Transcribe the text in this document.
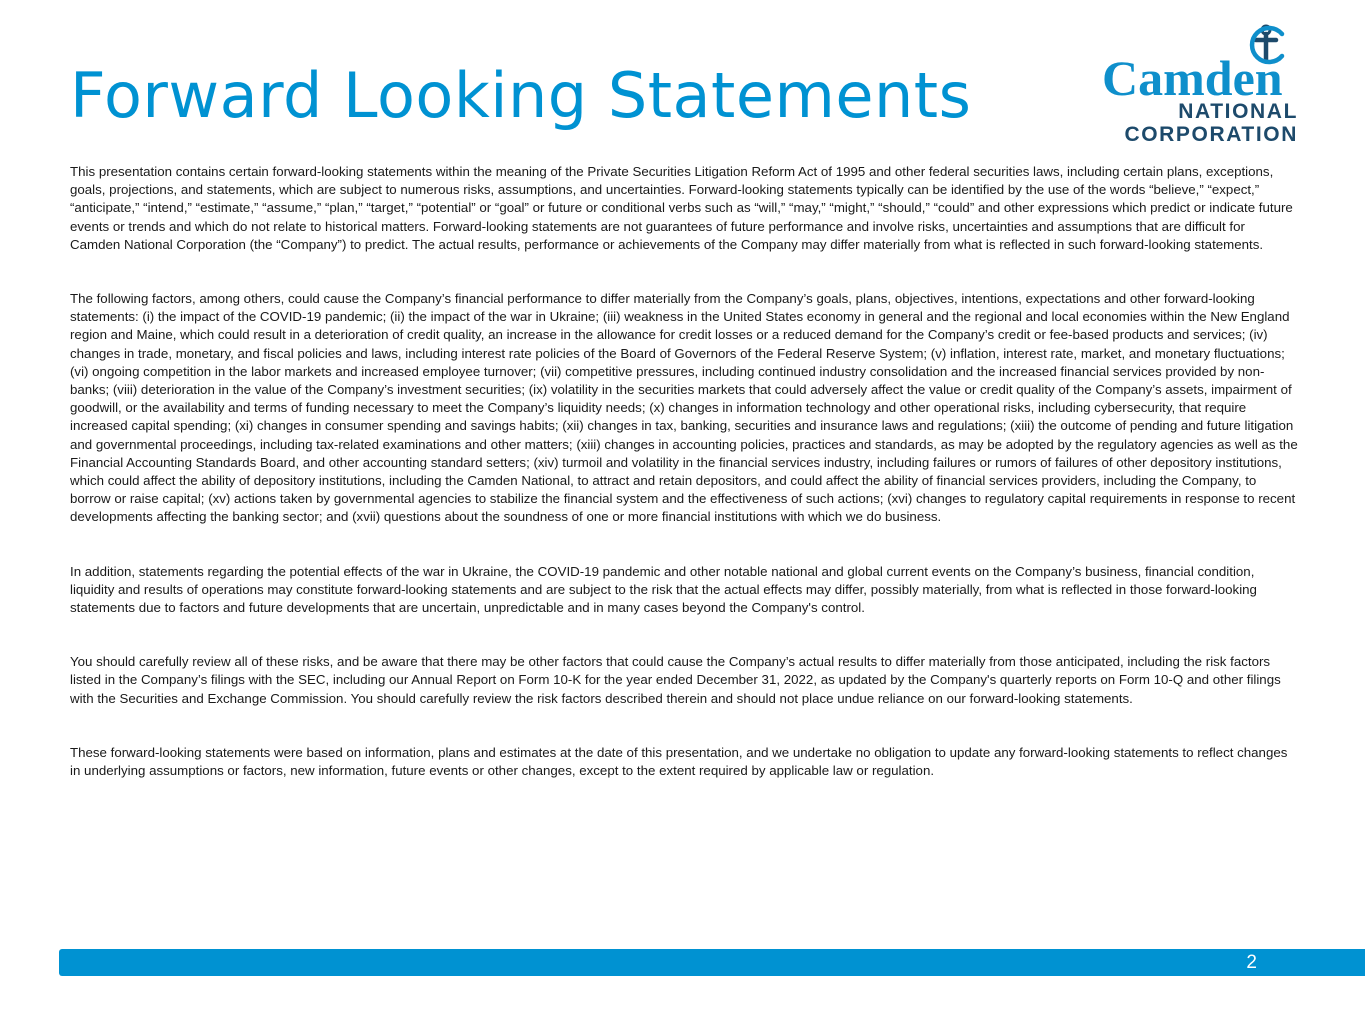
Forward Looking Statements	Camden
NATIONAL
CORPORATION

This presentation contains certain forward-looking statements within the meaning of the Private Securities Litigation Reform Act of 1995 and other federal securities laws, including certain plans, exceptions, goals, projections, and statements, which are subject to numerous risks, assumptions, and uncertainties. Forward-looking statements typically can be identified by the use of the words “believe,” “expect,” “anticipate,” “intend,” “estimate,” “assume,” “plan,” “target,” “potential” or “goal” or future or conditional verbs such as “will,” “may,” “might,” “should,” “could” and other expressions which predict or indicate future events or trends and which do not relate to historical matters. Forward-looking statements are not guarantees of future performance and involve risks, uncertainties and assumptions that are difficult for Camden National Corporation (the “Company”) to predict. The actual results, performance or achievements of the Company may differ materially from what is reflected in such forward-looking statements.

The following factors, among others, could cause the Company’s financial performance to differ materially from the Company’s goals, plans, objectives, intentions, expectations and other forward-looking statements: (i) the impact of the COVID-19 pandemic; (ii) the impact of the war in Ukraine; (iii) weakness in the United States economy in general and the regional and local economies within the New England region and Maine, which could result in a deterioration of credit quality, an increase in the allowance for credit losses or a reduced demand for the Company’s credit or fee-based products and services; (iv) changes in trade, monetary, and fiscal policies and laws, including interest rate policies of the Board of Governors of the Federal Reserve System; (v) inflation, interest rate, market, and monetary fluctuations; (vi) ongoing competition in the labor markets and increased employee turnover; (vii) competitive pressures, including continued industry consolidation and the increased financial services provided by non-banks; (viii) deterioration in the value of the Company’s investment securities; (ix) volatility in the securities markets that could adversely affect the value or credit quality of the Company’s assets, impairment of goodwill, or the availability and terms of funding necessary to meet the Company’s liquidity needs; (x) changes in information technology and other operational risks, including cybersecurity, that require increased capital spending; (xi) changes in consumer spending and savings habits; (xii) changes in tax, banking, securities and insurance laws and regulations; (xiii) the outcome of pending and future litigation and governmental proceedings, including tax-related examinations and other matters; (xiii) changes in accounting policies, practices and standards, as may be adopted by the regulatory agencies as well as the Financial Accounting Standards Board, and other accounting standard setters; (xiv) turmoil and volatility in the financial services industry, including failures or rumors of failures of other depository institutions, which could affect the ability of depository institutions, including the Camden National, to attract and retain depositors, and could affect the ability of financial services providers, including the Company, to borrow or raise capital; (xv) actions taken by governmental agencies to stabilize the financial system and the effectiveness of such actions; (xvi) changes to regulatory capital requirements in response to recent developments affecting the banking sector; and (xvii) questions about the soundness of one or more financial institutions with which we do business.

In addition, statements regarding the potential effects of the war in Ukraine, the COVID-19 pandemic and other notable national and global current events on the Company’s business, financial condition, liquidity and results of operations may constitute forward-looking statements and are subject to the risk that the actual effects may differ, possibly materially, from what is reflected in those forward-looking statements due to factors and future developments that are uncertain, unpredictable and in many cases beyond the Company's control.

You should carefully review all of these risks, and be aware that there may be other factors that could cause the Company’s actual results to differ materially from those anticipated, including the risk factors listed in the Company’s filings with the SEC, including our Annual Report on Form 10-K for the year ended December 31, 2022, as updated by the Company's quarterly reports on Form 10-Q and other filings with the Securities and Exchange Commission. You should carefully review the risk factors described therein and should not place undue reliance on our forward-looking statements.

These forward-looking statements were based on information, plans and estimates at the date of this presentation, and we undertake no obligation to update any forward-looking statements to reflect changes in underlying assumptions or factors, new information, future events or other changes, except to the extent required by applicable law or regulation.

2
